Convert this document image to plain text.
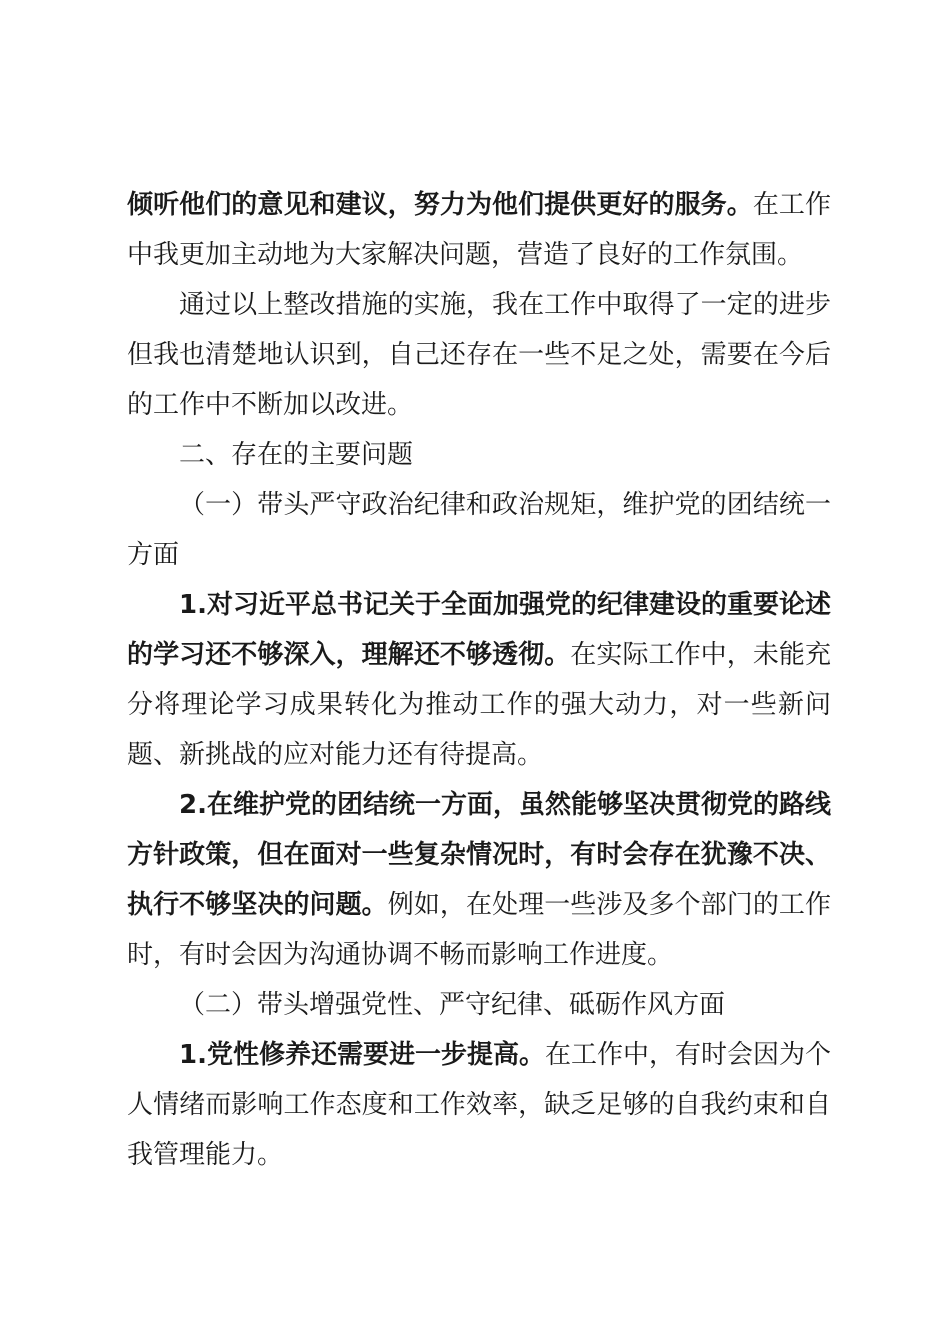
倾听他们的意见和建议，努力为他们提供更好的服务。在工作中我更加主动地为大家解决问题，营造了良好的工作氛围。

通过以上整改措施的实施，我在工作中取得了一定的进步但我也清楚地认识到，自己还存在一些不足之处，需要在今后的工作中不断加以改进。

二、存在的主要问题

（一）带头严守政治纪律和政治规矩，维护党的团结统一方面

1.对习近平总书记关于全面加强党的纪律建设的重要论述的学习还不够深入，理解还不够透彻。在实际工作中，未能充分将理论学习成果转化为推动工作的强大动力，对一些新问题、新挑战的应对能力还有待提高。

2.在维护党的团结统一方面，虽然能够坚决贯彻党的路线方针政策，但在面对一些复杂情况时，有时会存在犹豫不决、执行不够坚决的问题。例如，在处理一些涉及多个部门的工作时，有时会因为沟通协调不畅而影响工作进度。

（二）带头增强党性、严守纪律、砥砺作风方面

1.党性修养还需要进一步提高。在工作中，有时会因为个人情绪而影响工作态度和工作效率，缺乏足够的自我约束和自我管理能力。
